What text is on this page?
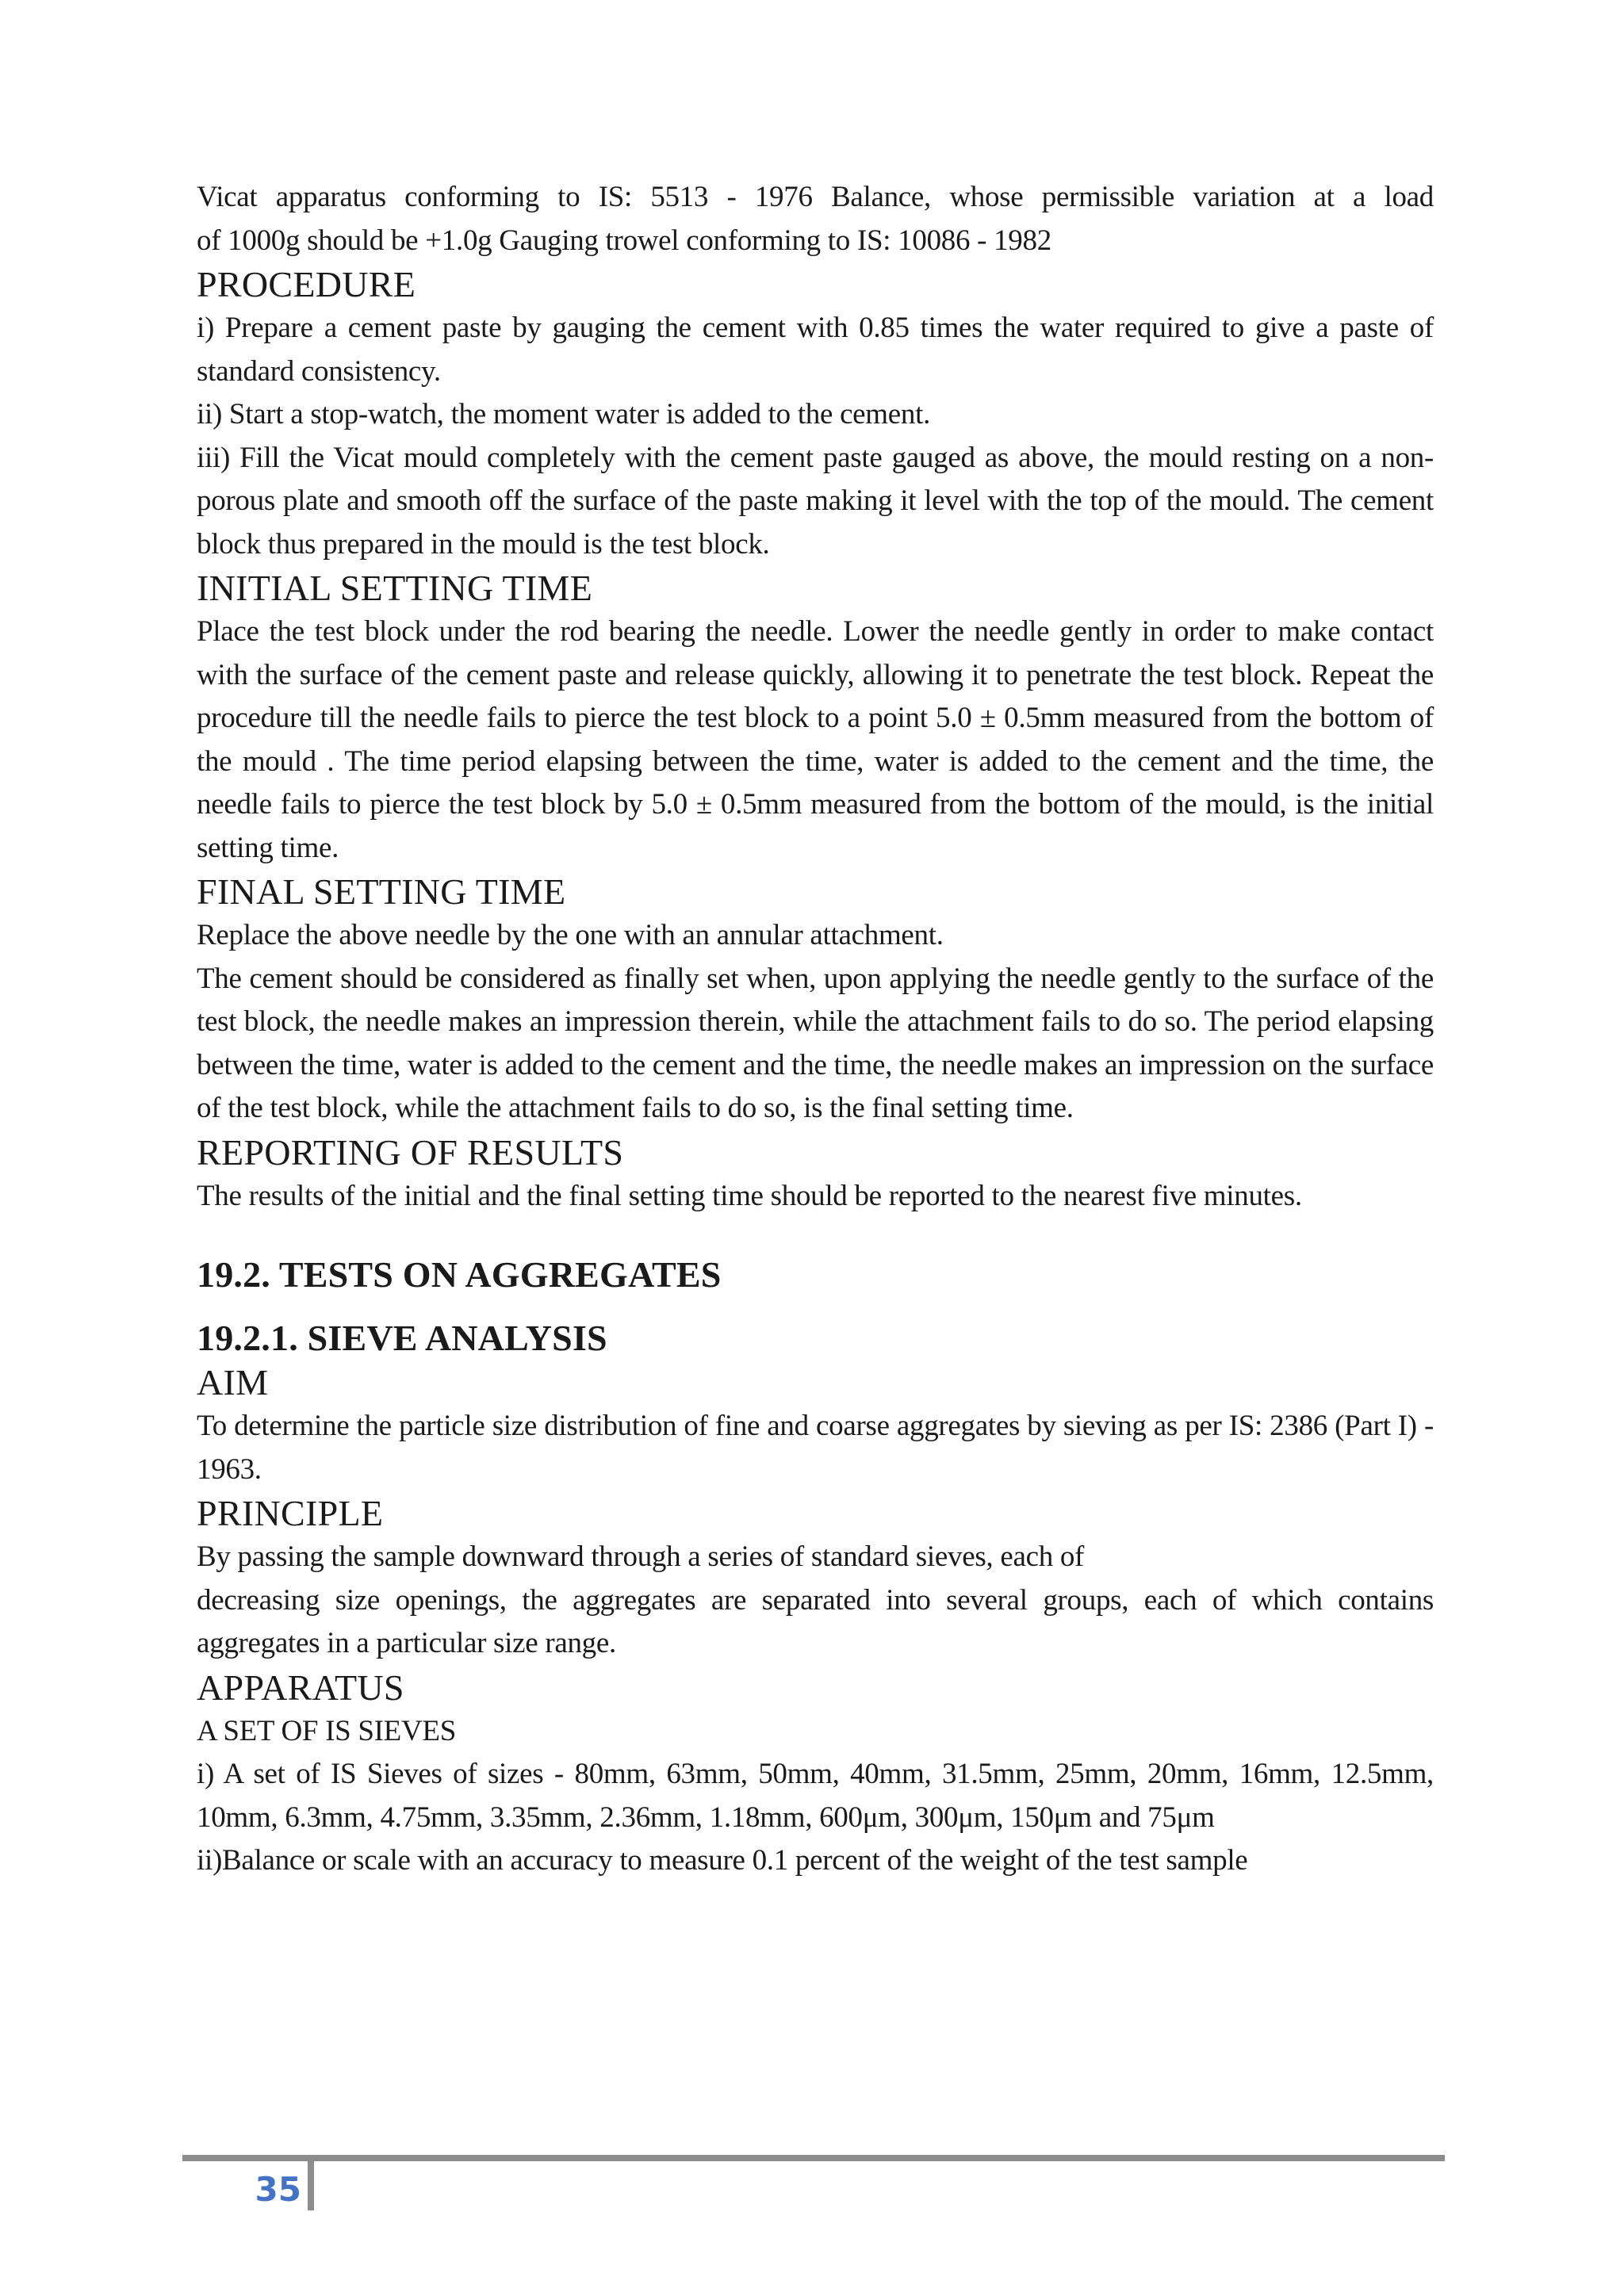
Vicat apparatus conforming to IS: 5513 - 1976 Balance, whose permissible variation at a load

of 1000g should be +1.0g Gauging trowel conforming to IS: 10086 - 1982

PROCEDURE

i) Prepare a cement paste by gauging the cement with 0.85 times the water required to give a paste of standard consistency.

ii) Start a stop-watch, the moment water is added to the cement.

iii) Fill the Vicat mould completely with the cement paste gauged as above, the mould resting on a non-porous plate and smooth off the surface of the paste making it level with the top of the mould. The cement block thus prepared in the mould is the test block.

INITIAL SETTING TIME

Place the test block under the rod bearing the needle. Lower the needle gently in order to make contact with the surface of the cement paste and release quickly, allowing it to penetrate the test block. Repeat the procedure till the needle fails to pierce the test block to a point 5.0 ± 0.5mm measured from the bottom of the mould . The time period elapsing between the time, water is added to the cement and the time, the needle fails to pierce the test block by 5.0 ± 0.5mm measured from the bottom of the mould, is the initial setting time.

FINAL SETTING TIME

Replace the above needle by the one with an annular attachment.

The cement should be considered as finally set when, upon applying the needle gently to the surface of the test block, the needle makes an impression therein, while the attachment fails to do so. The period elapsing between the time, water is added to the cement and the time, the needle makes an impression on the surface of the test block, while the attachment fails to do so, is the final setting time.

REPORTING OF RESULTS

The results of the initial and the final setting time should be reported to the nearest five minutes.

19.2. TESTS ON AGGREGATES
19.2.1. SIEVE ANALYSIS
AIM

To determine the particle size distribution of fine and coarse aggregates by sieving as per IS: 2386 (Part I) - 1963.

PRINCIPLE

By passing the sample downward through a series of standard sieves, each of

decreasing size openings, the aggregates are separated into several groups, each of which contains aggregates in a particular size range.

APPARATUS

A SET OF IS SIEVES

i) A set of IS Sieves of sizes - 80mm, 63mm, 50mm, 40mm, 31.5mm, 25mm, 20mm, 16mm, 12.5mm, 10mm, 6.3mm, 4.75mm, 3.35mm, 2.36mm, 1.18mm, 600μm, 300μm, 150μm and 75μm

ii)Balance or scale with an accuracy to measure 0.1 percent of the weight of the test sample

35
